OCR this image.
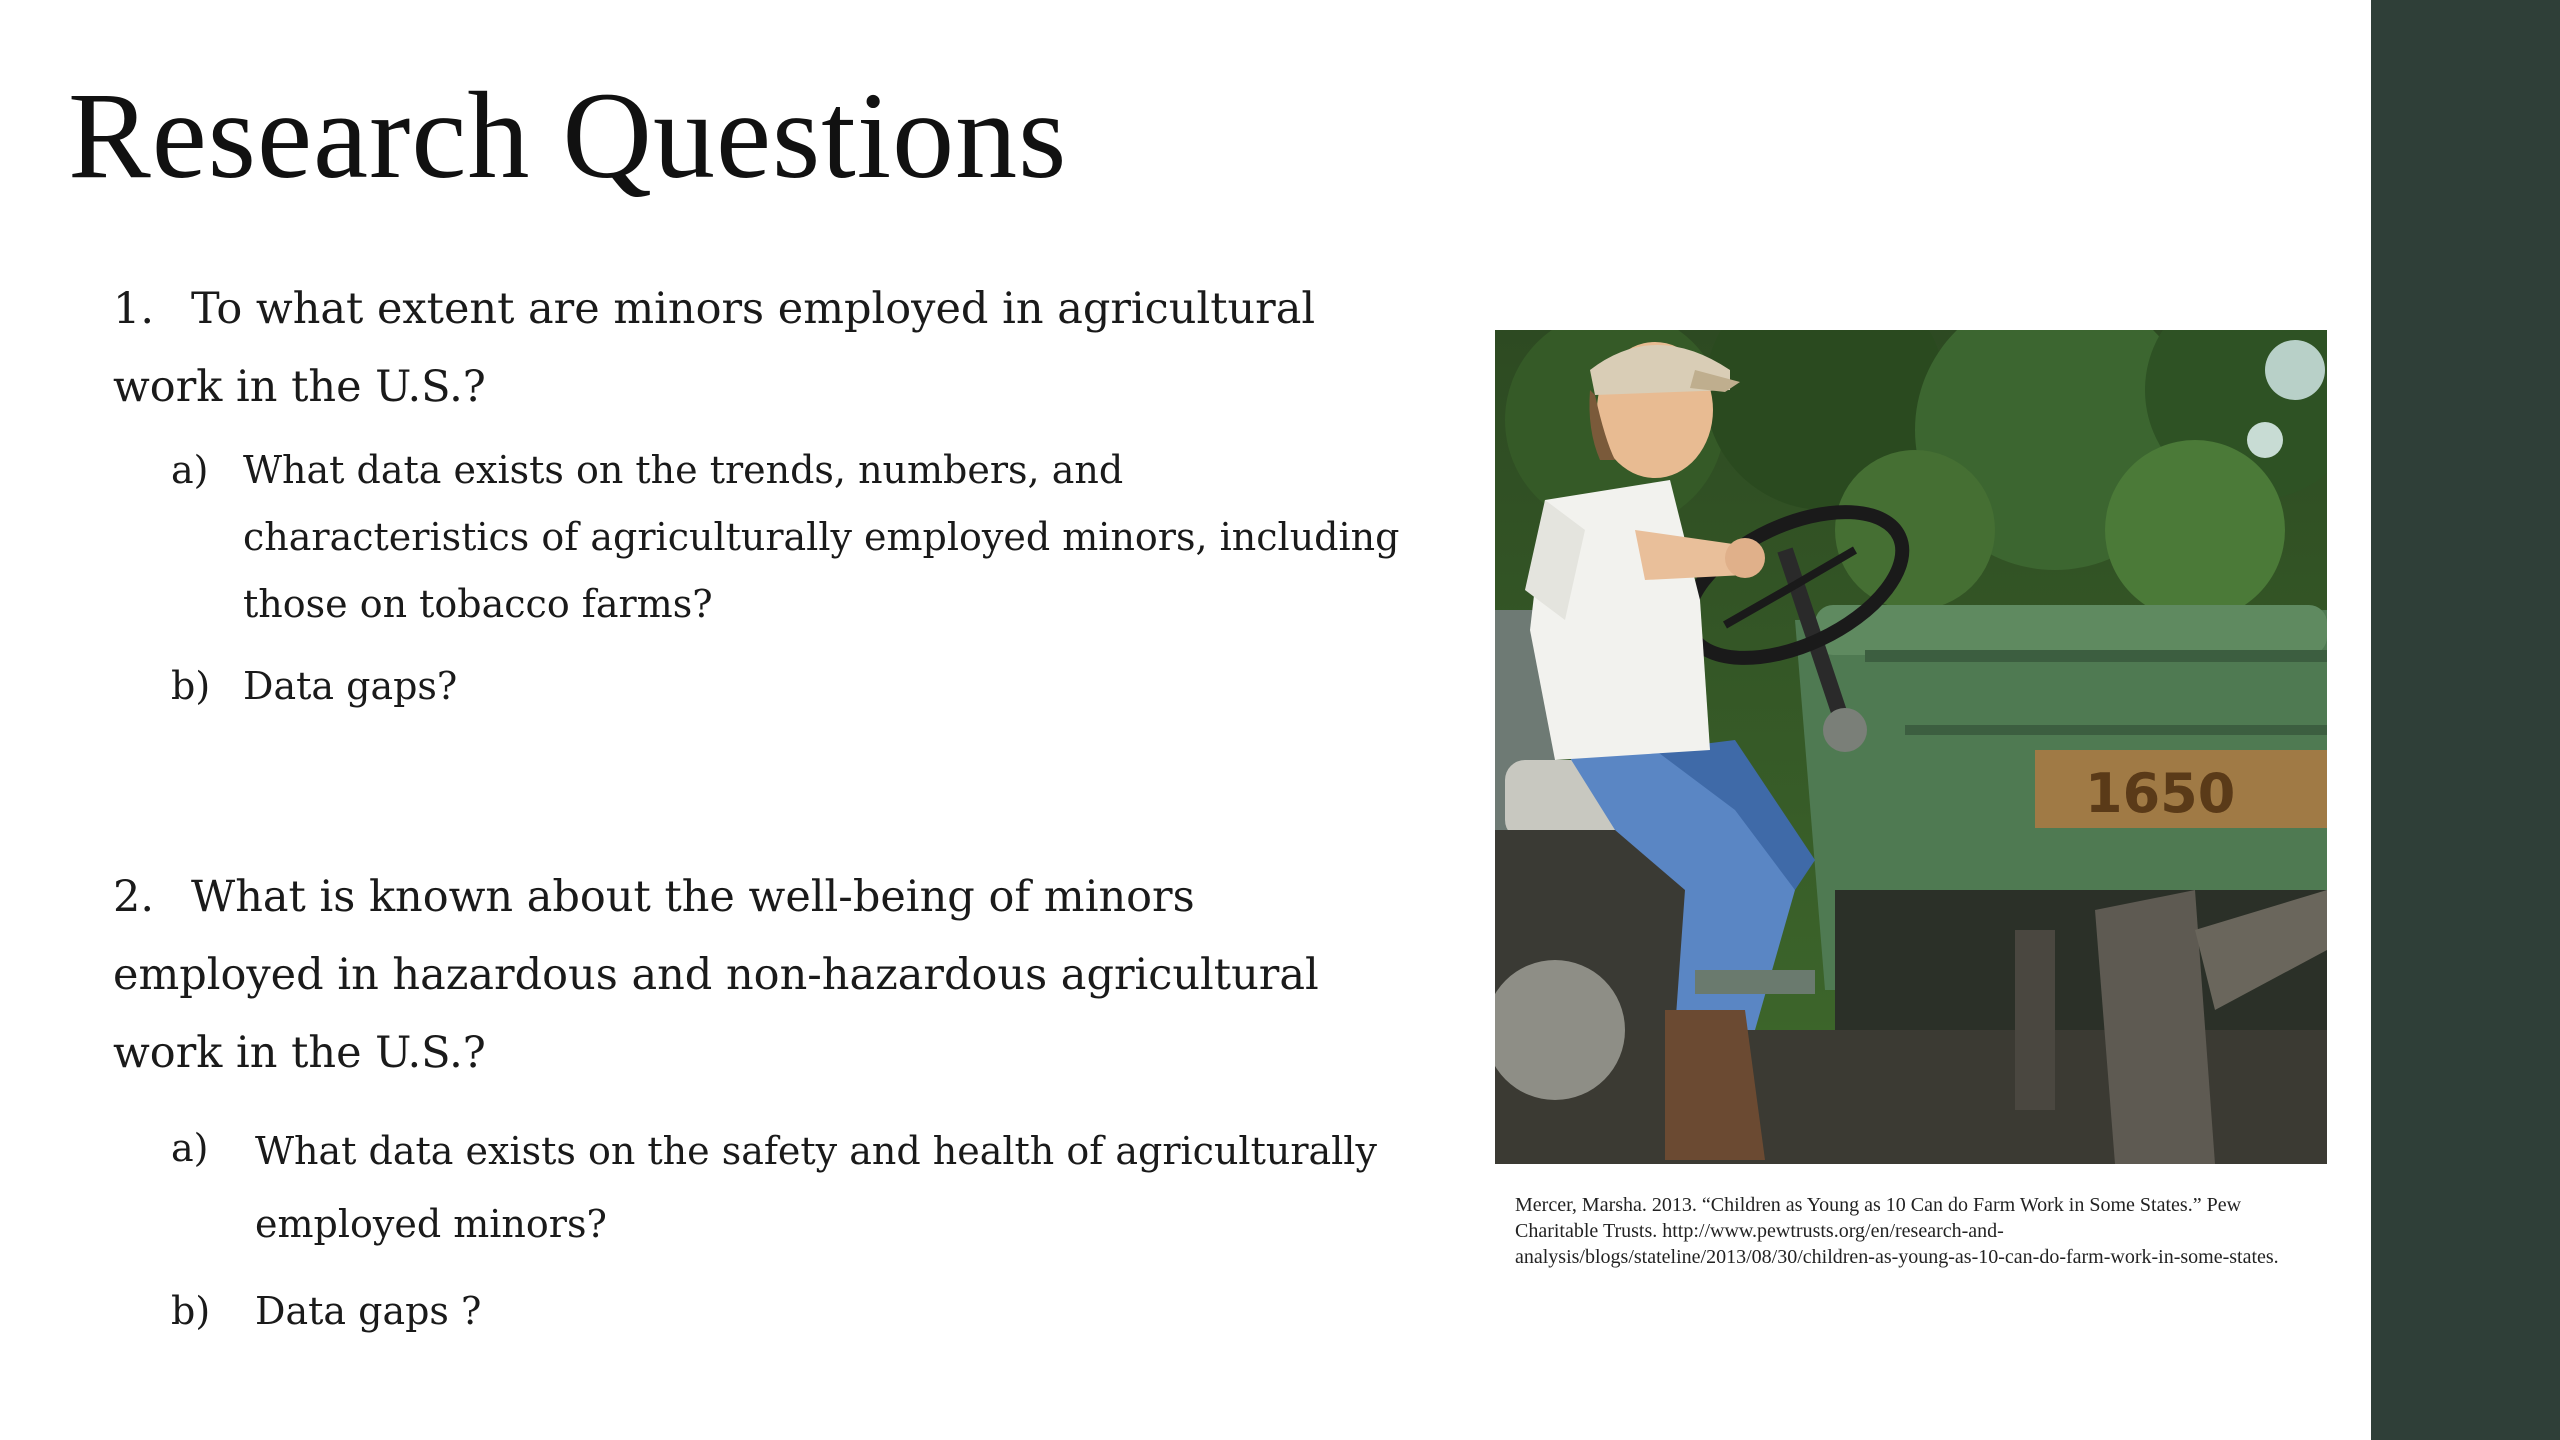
Research Questions
1. To what extent are minors employed in agricultural work in the U.S.?
a) What data exists on the trends, numbers, and characteristics of agriculturally employed minors, including those on tobacco farms?
b) Data gaps?
2. What is known about the well-being of minors employed in hazardous and non-hazardous agricultural work in the U.S.?
a) What data exists on the safety and health of agriculturally employed minors?
b) Data gaps ?
1650
Mercer, Marsha. 2013. “Children as Young as 10 Can do Farm Work in Some States.” Pew Charitable Trusts. http://www.pewtrusts.org/en/research-and-analysis/blogs/stateline/2013/08/30/children-as-young-as-10-can-do-farm-work-in-some-states.
